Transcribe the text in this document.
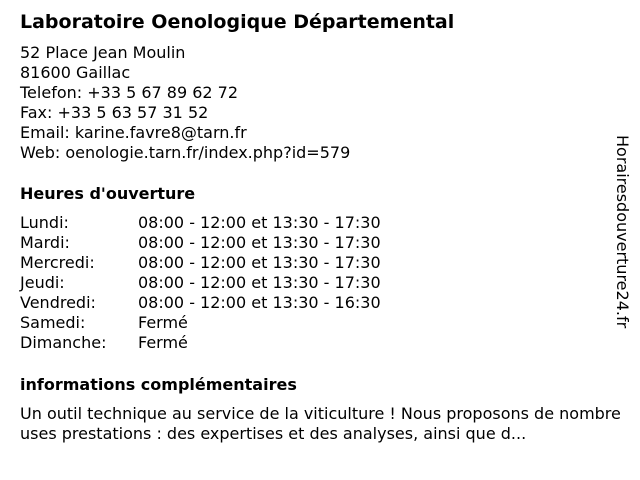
Laboratoire Oenologique Départemental
52 Place Jean Moulin
81600 Gaillac
Telefon: +33 5 67 89 62 72
Fax: +33 5 63 57 31 52
Email: karine.favre8@tarn.fr
Web: oenologie.tarn.fr/index.php?id=579
Heures d'ouverture
Lundi:	08:00 - 12:00 et 13:30 - 17:30
Mardi:	08:00 - 12:00 et 13:30 - 17:30
Mercredi:	08:00 - 12:00 et 13:30 - 17:30
Jeudi:	08:00 - 12:00 et 13:30 - 17:30
Vendredi:	08:00 - 12:00 et 13:30 - 16:30
Samedi:	Fermé
Dimanche: Fermé
informations complémentaires
Un outil technique au service de la viticulture ! Nous proposons de nombreuses prestations : des expertises et des analyses, ainsi que d...
Horairesdouverture24.fr
